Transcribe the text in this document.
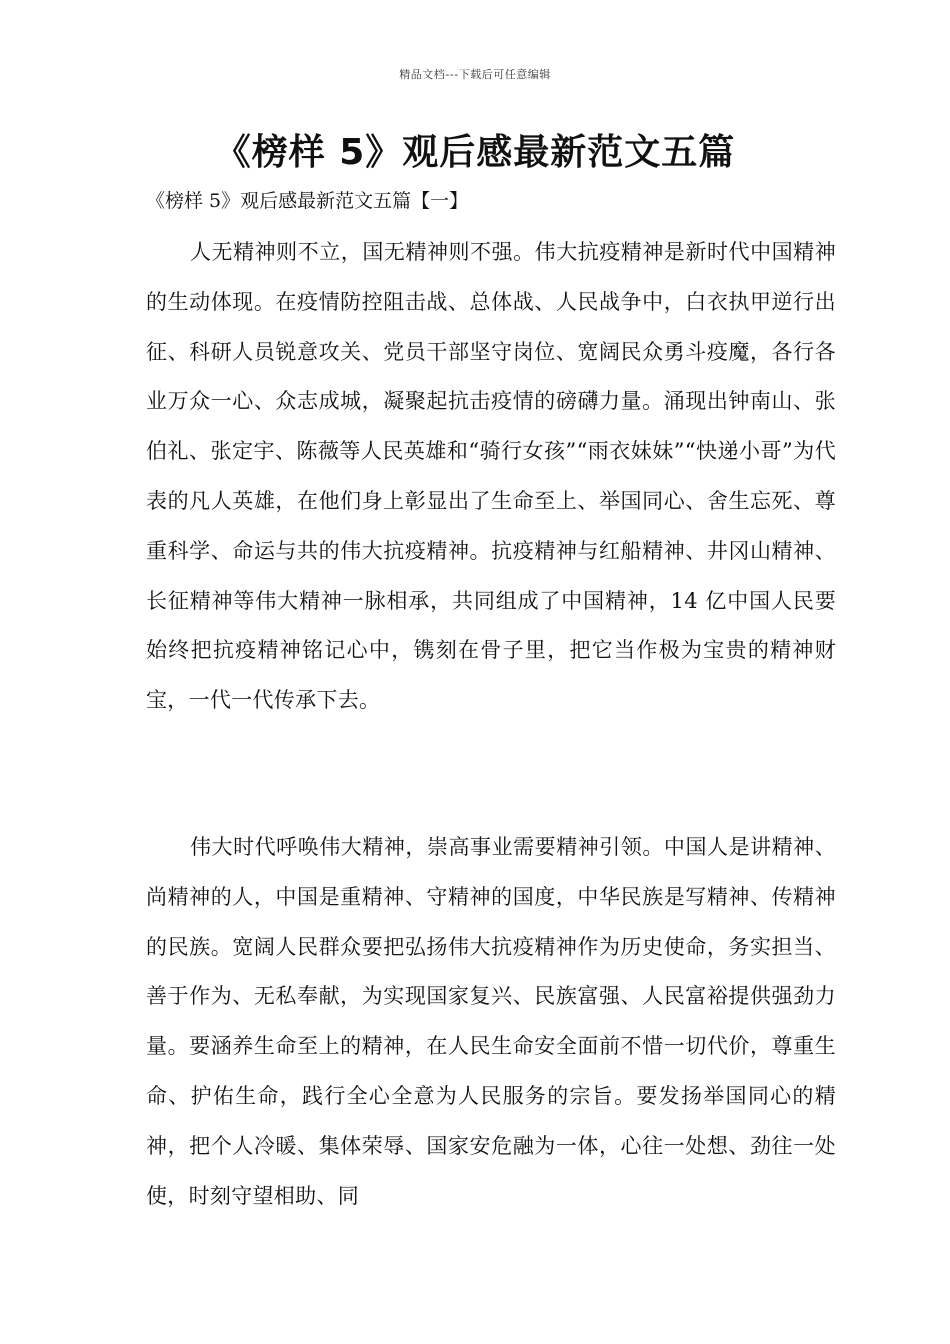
精品文档---下载后可任意编辑
《榜样 5》观后感最新范文五篇
《榜样 5》观后感最新范文五篇【一】

人无精神则不立，国无精神则不强。伟大抗疫精神是新时代中国精神的生动体现。在疫情防控阻击战、总体战、人民战争中，白衣执甲逆行出征、科研人员锐意攻关、党员干部坚守岗位、宽阔民众勇斗疫魔，各行各业万众一心、众志成城，凝聚起抗击疫情的磅礴力量。涌现出钟南山、张伯礼、张定宇、陈薇等人民英雄和“骑行女孩”“雨衣妹妹”“快递小哥”为代表的凡人英雄，在他们身上彰显出了生命至上、举国同心、舍生忘死、尊重科学、命运与共的伟大抗疫精神。抗疫精神与红船精神、井冈山精神、长征精神等伟大精神一脉相承，共同组成了中国精神，14 亿中国人民要始终把抗疫精神铭记心中，镌刻在骨子里，把它当作极为宝贵的精神财宝，一代一代传承下去。

伟大时代呼唤伟大精神，崇高事业需要精神引领。中国人是讲精神、尚精神的人，中国是重精神、守精神的国度，中华民族是写精神、传精神的民族。宽阔人民群众要把弘扬伟大抗疫精神作为历史使命，务实担当、善于作为、无私奉献，为实现国家复兴、民族富强、人民富裕提供强劲力量。要涵养生命至上的精神，在人民生命安全面前不惜一切代价，尊重生命、护佑生命，践行全心全意为人民服务的宗旨。要发扬举国同心的精神，把个人冷暖、集体荣辱、国家安危融为一体，心往一处想、劲往一处使，时刻守望相助、同
